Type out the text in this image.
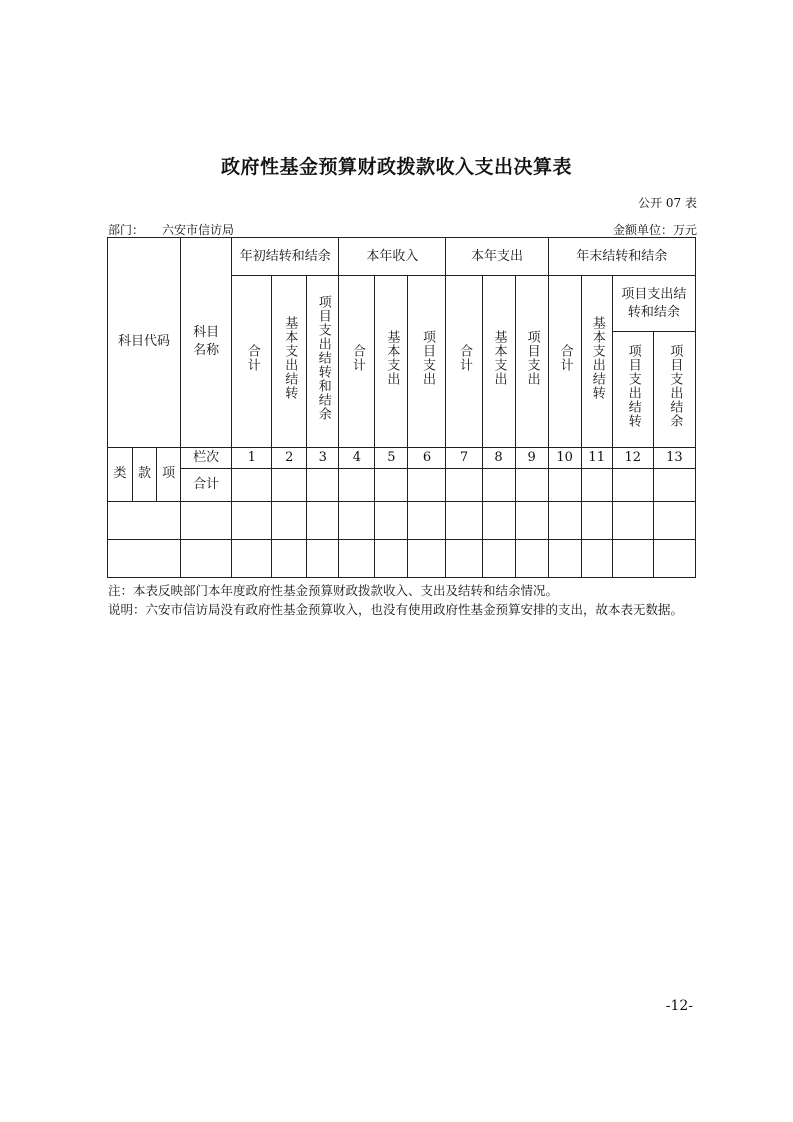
政府性基金预算财政拨款收入支出决算表
公开 07 表
部门： 六安市信访局	金额单位：万元
科目代码			科目名称	年初结转和结余			本年收入			本年支出			年末结转和结余			
				合计	基本支出结转	项目支出结转和结余	合计	基本支出	项目支出	合计	基本支出	项目支出	合计	基本支出结转	项目支出结转和结余	

															项目支出结转	项目支出结余
类	款	项	栏次	1	2	3	4	5	6	7	8	9	10	11	12	13
			合计													

注：本表反映部门本年度政府性基金预算财政拨款收入、支出及结转和结余情况。

说明：六安市信访局没有政府性基金预算收入，也没有使用政府性基金预算安排的支出，故本表无数据。

-12-
